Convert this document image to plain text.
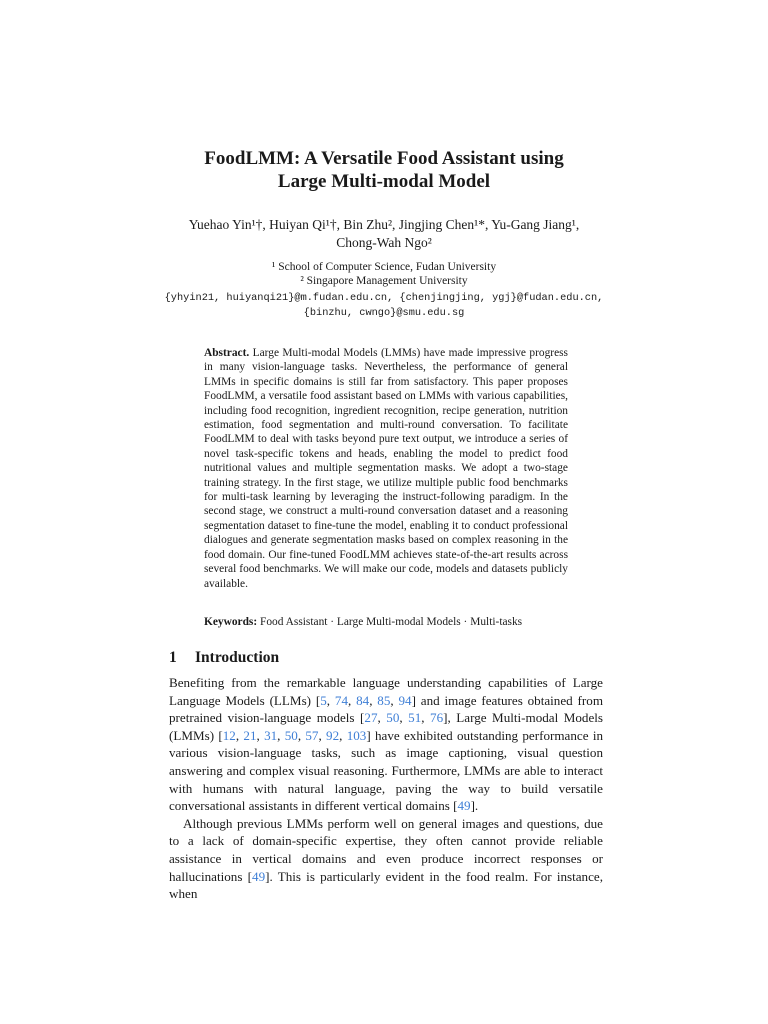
FoodLMM: A Versatile Food Assistant using
Large Multi-modal Model
Yuehao Yin¹†, Huiyan Qi¹†, Bin Zhu², Jingjing Chen¹*, Yu-Gang Jiang¹,
Chong-Wah Ngo²
¹ School of Computer Science, Fudan University
² Singapore Management University
{yhyin21, huiyanqi21}@m.fudan.edu.cn, {chenjingjing, ygj}@fudan.edu.cn,
{binzhu, cwngo}@smu.edu.sg
Abstract. Large Multi-modal Models (LMMs) have made impressive progress in many vision-language tasks. Nevertheless, the performance of general LMMs in specific domains is still far from satisfactory. This paper proposes FoodLMM, a versatile food assistant based on LMMs with various capabilities, including food recognition, ingredient recognition, recipe generation, nutrition estimation, food segmentation and multi-round conversation. To facilitate FoodLMM to deal with tasks beyond pure text output, we introduce a series of novel task-specific tokens and heads, enabling the model to predict food nutritional values and multiple segmentation masks. We adopt a two-stage training strategy. In the first stage, we utilize multiple public food benchmarks for multi-task learning by leveraging the instruct-following paradigm. In the second stage, we construct a multi-round conversation dataset and a reasoning segmentation dataset to fine-tune the model, enabling it to conduct professional dialogues and generate segmentation masks based on complex reasoning in the food domain. Our fine-tuned FoodLMM achieves state-of-the-art results across several food benchmarks. We will make our code, models and datasets publicly available.
Keywords: Food Assistant · Large Multi-modal Models · Multi-tasks
1 Introduction

Benefiting from the remarkable language understanding capabilities of Large Language Models (LLMs) [5, 74, 84, 85, 94] and image features obtained from pretrained vision-language models [27, 50, 51, 76], Large Multi-modal Models (LMMs) [12, 21, 31, 50, 57, 92, 103] have exhibited outstanding performance in various vision-language tasks, such as image captioning, visual question answering and complex visual reasoning. Furthermore, LMMs are able to interact with humans with natural language, paving the way to build versatile conversational assistants in different vertical domains [49].

Although previous LMMs perform well on general images and questions, due to a lack of domain-specific expertise, they often cannot provide reliable assistance in vertical domains and even produce incorrect responses or hallucinations [49]. This is particularly evident in the food realm. For instance, when
